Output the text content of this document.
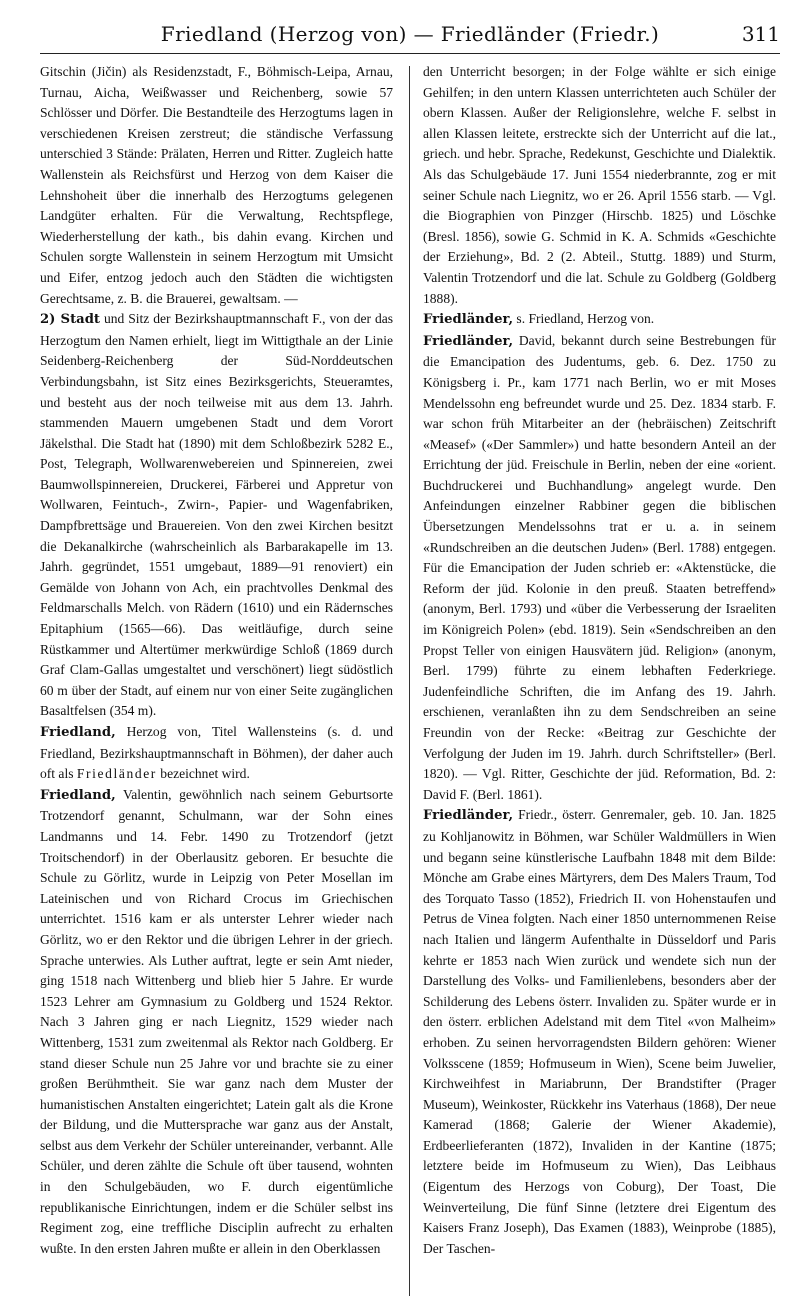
Friedland (Herzog von) — Friedländer (Friedr.)	311

Gitschin (Jičin) als Residenzstadt, F., Böhmisch-Leipa, Arnau, Turnau, Aicha, Weißwasser und Reichenberg, sowie 57 Schlösser und Dörfer. Die Bestandteile des Herzogtums lagen in verschiedenen Kreisen zerstreut; die ständische Verfassung unterschied 3 Stände: Prälaten, Herren und Ritter. Zugleich hatte Wallenstein als Reichsfürst und Herzog von dem Kaiser die Lehnshoheit über die innerhalb des Herzogtums gelegenen Landgüter erhalten. Für die Verwaltung, Rechtspflege, Wiederherstellung der kath., bis dahin evang. Kirchen und Schulen sorgte Wallenstein in seinem Herzogtum mit Umsicht und Eifer, entzog jedoch auch den Städten die wichtigsten Gerechtsame, z. B. die Brauerei, gewaltsam. —

2) Stadt und Sitz der Bezirkshauptmannschaft F., von der das Herzogtum den Namen erhielt, liegt im Wittigthale an der Linie Seidenberg-Reichenberg der Süd-Norddeutschen Verbindungsbahn, ist Sitz eines Bezirksgerichts, Steueramtes, und besteht aus der noch teilweise mit aus dem 13. Jahrh. stammenden Mauern umgebenen Stadt und dem Vorort Jäkelsthal. Die Stadt hat (1890) mit dem Schloßbezirk 5282 E., Post, Telegraph, Wollwarenwebereien und Spinnereien, zwei Baumwollspinnereien, Druckerei, Färberei und Appretur von Wollwaren, Feintuch-, Zwirn-, Papier- und Wagenfabriken, Dampfbrettsäge und Brauereien. Von den zwei Kirchen besitzt die Dekanalkirche (wahrscheinlich als Barbarakapelle im 13. Jahrh. gegründet, 1551 umgebaut, 1889—91 renoviert) ein Gemälde von Johann von Ach, ein prachtvolles Denkmal des Feldmarschalls Melch. von Rädern (1610) und ein Rädernsches Epitaphium (1565—66). Das weitläufige, durch seine Rüstkammer und Altertümer merkwürdige Schloß (1869 durch Graf Clam-Gallas umgestaltet und verschönert) liegt südöstlich 60 m über der Stadt, auf einem nur von einer Seite zugänglichen Basaltfelsen (354 m).

Friedland, Herzog von, Titel Wallensteins (s. d. und Friedland, Bezirkshauptmannschaft in Böhmen), der daher auch oft als Friedländer bezeichnet wird.

Friedland, Valentin, gewöhnlich nach seinem Geburtsorte Trotzendorf genannt, Schulmann, war der Sohn eines Landmanns und 14. Febr. 1490 zu Trotzendorf (jetzt Troitschendorf) in der Oberlausitz geboren. Er besuchte die Schule zu Görlitz, wurde in Leipzig von Peter Mosellan im Lateinischen und von Richard Crocus im Griechischen unterrichtet. 1516 kam er als unterster Lehrer wieder nach Görlitz, wo er den Rektor und die übrigen Lehrer in der griech. Sprache unterwies. Als Luther auftrat, legte er sein Amt nieder, ging 1518 nach Wittenberg und blieb hier 5 Jahre. Er wurde 1523 Lehrer am Gymnasium zu Goldberg und 1524 Rektor. Nach 3 Jahren ging er nach Liegnitz, 1529 wieder nach Wittenberg, 1531 zum zweitenmal als Rektor nach Goldberg. Er stand dieser Schule nun 25 Jahre vor und brachte sie zu einer großen Berühmtheit. Sie war ganz nach dem Muster der humanistischen Anstalten eingerichtet; Latein galt als die Krone der Bildung, und die Muttersprache war ganz aus der Anstalt, selbst aus dem Verkehr der Schüler untereinander, verbannt. Alle Schüler, und deren zählte die Schule oft über tausend, wohnten in den Schulgebäuden, wo F. durch eigentümliche republikanische Einrichtungen, indem er die Schüler selbst ins Regiment zog, eine treffliche Disciplin aufrecht zu erhalten wußte. In den ersten Jahren mußte er allein in den Oberklassen

den Unterricht besorgen; in der Folge wählte er sich einige Gehilfen; in den untern Klassen unterrichteten auch Schüler der obern Klassen. Außer der Religionslehre, welche F. selbst in allen Klassen leitete, erstreckte sich der Unterricht auf die lat., griech. und hebr. Sprache, Redekunst, Geschichte und Dialektik. Als das Schulgebäude 17. Juni 1554 niederbrannte, zog er mit seiner Schule nach Liegnitz, wo er 26. April 1556 starb. — Vgl. die Biographien von Pinzger (Hirschb. 1825) und Löschke (Bresl. 1856), sowie G. Schmid in K. A. Schmids «Geschichte der Erziehung», Bd. 2 (2. Abteil., Stuttg. 1889) und Sturm, Valentin Trotzendorf und die lat. Schule zu Goldberg (Goldberg 1888).

Friedländer, s. Friedland, Herzog von.

Friedländer, David, bekannt durch seine Bestrebungen für die Emancipation des Judentums, geb. 6. Dez. 1750 zu Königsberg i. Pr., kam 1771 nach Berlin, wo er mit Moses Mendelssohn eng befreundet wurde und 25. Dez. 1834 starb. F. war schon früh Mitarbeiter an der (hebräischen) Zeitschrift «Measef» («Der Sammler») und hatte besondern Anteil an der Errichtung der jüd. Freischule in Berlin, neben der eine «orient. Buchdruckerei und Buchhandlung» angelegt wurde. Den Anfeindungen einzelner Rabbiner gegen die biblischen Übersetzungen Mendelssohns trat er u. a. in seinem «Rundschreiben an die deutschen Juden» (Berl. 1788) entgegen. Für die Emancipation der Juden schrieb er: «Aktenstücke, die Reform der jüd. Kolonie in den preuß. Staaten betreffend» (anonym, Berl. 1793) und «über die Verbesserung der Israeliten im Königreich Polen» (ebd. 1819). Sein «Sendschreiben an den Propst Teller von einigen Hausvätern jüd. Religion» (anonym, Berl. 1799) führte zu einem lebhaften Federkriege. Judenfeindliche Schriften, die im Anfang des 19. Jahrh. erschienen, veranlaßten ihn zu dem Sendschreiben an seine Freundin von der Recke: «Beitrag zur Geschichte der Verfolgung der Juden im 19. Jahrh. durch Schriftsteller» (Berl. 1820). — Vgl. Ritter, Geschichte der jüd. Reformation, Bd. 2: David F. (Berl. 1861).

Friedländer, Friedr., österr. Genremaler, geb. 10. Jan. 1825 zu Kohljanowitz in Böhmen, war Schüler Waldmüllers in Wien und begann seine künstlerische Laufbahn 1848 mit dem Bilde: Mönche am Grabe eines Märtyrers, dem Des Malers Traum, Tod des Torquato Tasso (1852), Friedrich II. von Hohenstaufen und Petrus de Vinea folgten. Nach einer 1850 unternommenen Reise nach Italien und längerm Aufenthalte in Düsseldorf und Paris kehrte er 1853 nach Wien zurück und wendete sich nun der Darstellung des Volks- und Familienlebens, besonders aber der Schilderung des Lebens österr. Invaliden zu. Später wurde er in den österr. erblichen Adelstand mit dem Titel «von Malheim» erhoben. Zu seinen hervorragendsten Bildern gehören: Wiener Volksscene (1859; Hofmuseum in Wien), Scene beim Juwelier, Kirchweihfest in Mariabrunn, Der Brandstifter (Prager Museum), Weinkoster, Rückkehr ins Vaterhaus (1868), Der neue Kamerad (1868; Galerie der Wiener Akademie), Erdbeerlieferanten (1872), Invaliden in der Kantine (1875; letztere beide im Hofmuseum zu Wien), Das Leibhaus (Eigentum des Herzogs von Coburg), Der Toast, Die Weinverteilung, Die fünf Sinne (letztere drei Eigentum des Kaisers Franz Joseph), Das Examen (1883), Weinprobe (1885), Der Taschen-
